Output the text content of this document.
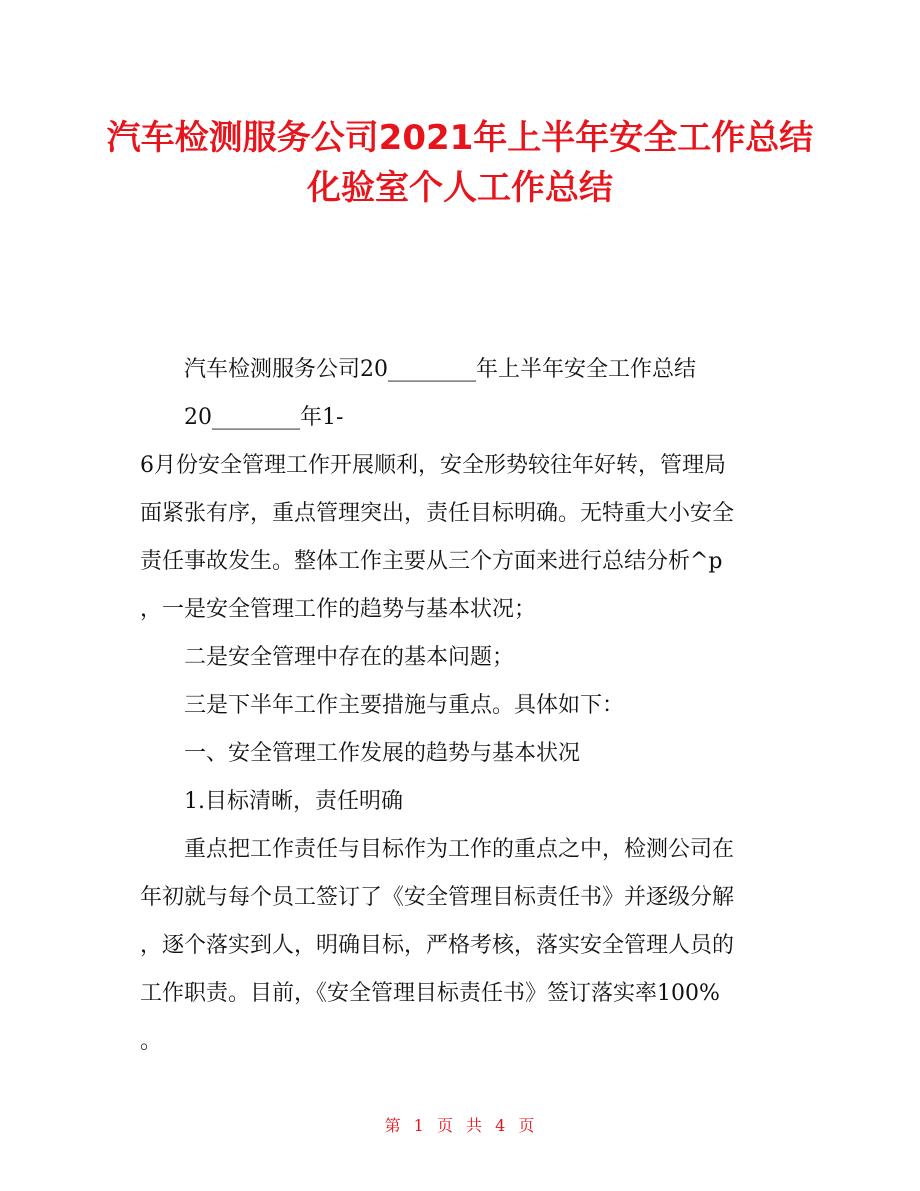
汽车检测服务公司2021年上半年安全工作总结
化验室个人工作总结
汽车检测服务公司20________年上半年安全工作总结
20________年1-
6月份安全管理工作开展顺利，安全形势较往年好转，管理局
面紧张有序，重点管理突出，责任目标明确。无特重大小安全
责任事故发生。整体工作主要从三个方面来进行总结分析^p
，一是安全管理工作的趋势与基本状况；
二是安全管理中存在的基本问题；
三是下半年工作主要措施与重点。具体如下：
一、安全管理工作发展的趋势与基本状况
1.目标清晰，责任明确
重点把工作责任与目标作为工作的重点之中，检测公司在
年初就与每个员工签订了《安全管理目标责任书》并逐级分解
，逐个落实到人，明确目标，严格考核，落实安全管理人员的
工作职责。目前，《安全管理目标责任书》签订落实率100%
。
第 1 页 共 4 页
